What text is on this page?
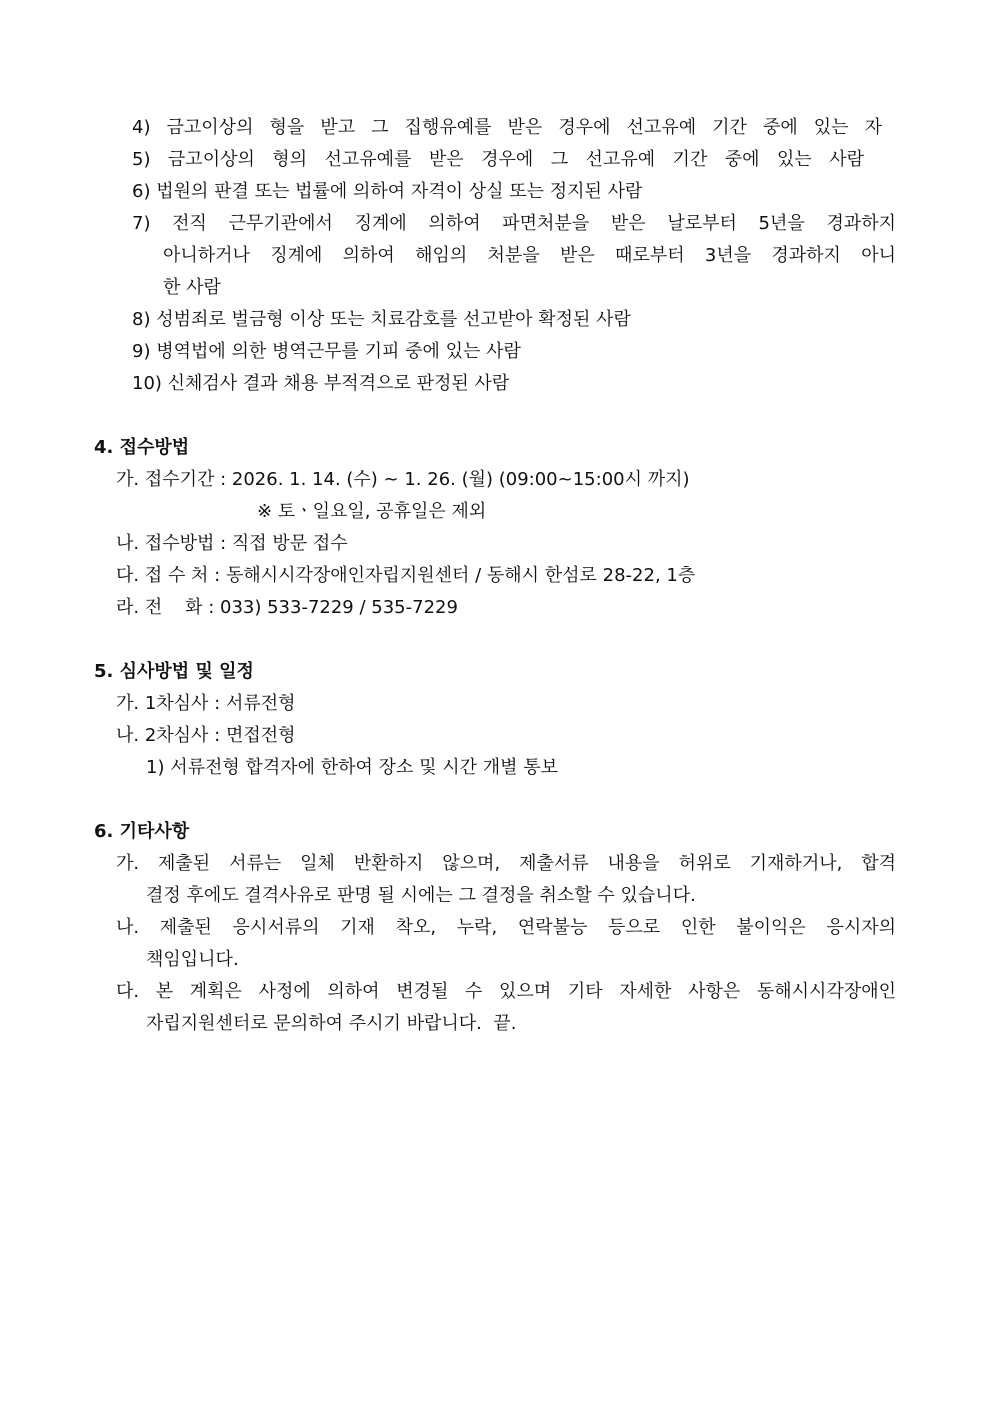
4) 금고이상의 형을 받고 그 집행유예를 받은 경우에 선고유예 기간 중에 있는 자
5) 금고이상의 형의 선고유예를 받은 경우에 그 선고유예 기간 중에 있는 사람
6) 법원의 판결 또는 법률에 의하여 자격이 상실 또는 정지된 사람
7) 전직 근무기관에서 징계에 의하여 파면처분을 받은 날로부터 5년을 경과하지
아니하거나 징계에 의하여 해임의 처분을 받은 때로부터 3년을 경과하지 아니
한 사람
8) 성범죄로 벌금형 이상 또는 치료감호를 선고받아 확정된 사람
9) 병역법에 의한 병역근무를 기피 중에 있는 사람
10) 신체검사 결과 채용 부적격으로 판정된 사람
4. 접수방법
가. 접수기간 : 2026. 1. 14. (수) ~ 1. 26. (월) (09:00~15:00시 까지)
※ 토ㆍ일요일, 공휴일은 제외
나. 접수방법 : 직접 방문 접수
다. 접 수 처 : 동해시시각장애인자립지원센터 / 동해시 한섬로 28-22, 1층
라. 전    화 : 033) 533-7229 / 535-7229
5. 심사방법 및 일정
가. 1차심사 : 서류전형
나. 2차심사 : 면접전형
1) 서류전형 합격자에 한하여 장소 및 시간 개별 통보
6. 기타사항
가. 제출된 서류는 일체 반환하지 않으며, 제출서류 내용을 허위로 기재하거나, 합격
결정 후에도 결격사유로 판명 될 시에는 그 결정을 취소할 수 있습니다.
나. 제출된 응시서류의 기재 착오, 누락, 연락불능 등으로 인한 불이익은 응시자의
책임입니다.
다. 본 계획은 사정에 의하여 변경될 수 있으며 기타 자세한 사항은 동해시시각장애인
자립지원센터로 문의하여 주시기 바랍니다.  끝.
